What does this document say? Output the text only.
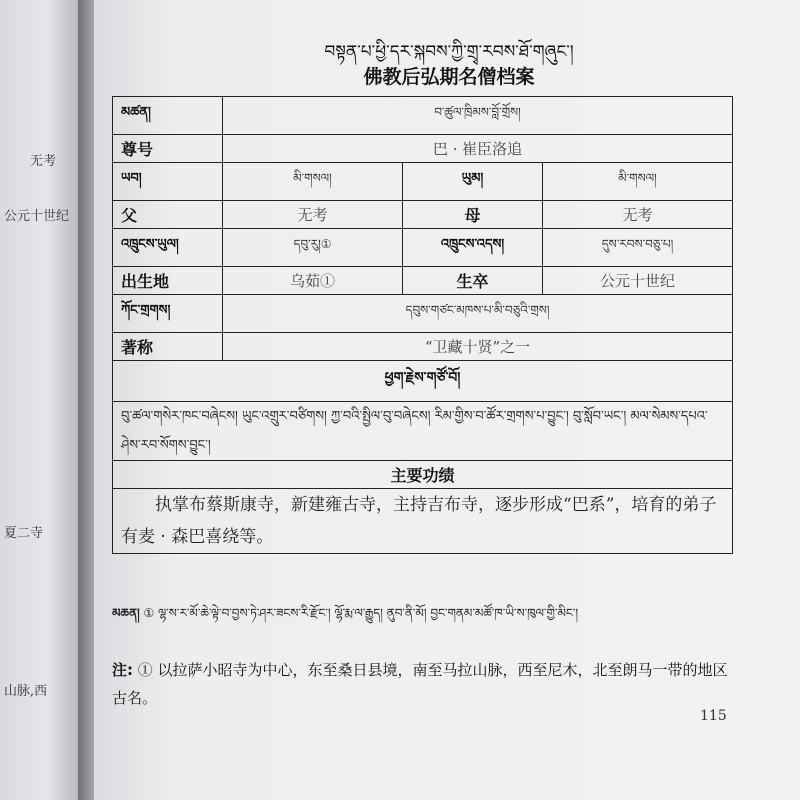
无考
公元十世纪
夏二寺
山脉,西
བསྟན་པ་ཕྱི་དར་སྐབས་ཀྱི་གྲྭ་རབས་ཐོ་གཞུང་།
佛教后弘期名僧档案
མཚན།	བ་ཚུལ་ཁྲིམས་བློ་གྲོས།		
尊号	巴 · 崔臣洛追		
ཡབ།	མི་གསལ།	ཡུམ།	མི་གསལ།
父	无考	母	无考
འཁྲུངས་ཡུལ།	དབུ་རུ།①	འཁྲུངས་འདས།	དུས་རབས་བཅུ་པ།
出生地	乌茹①	生卒	公元十世纪
ཀོང་གྲགས།	དབུས་གཙང་མཁས་པ་མི་བཅུའི་གྲས།		
著称	“卫藏十贤”之一		
ཕྱག་རྗེས་གཙོ་བོ།			
བུ་ཚལ་གསེར་ཁང་བཞེངས། ཡུང་འགྲུར་བཙིགས། ཀྱ་བའི་སྤྱིལ་བུ་བཞེངས། རིམ་གྱིས་བ་ཚོར་གྲགས་པ་བྱུང་། བུ་སློབ་ཡང་། མལ་སེམས་དཔའ་ཤེས་རབ་སོགས་བྱུང་།			
主要功绩			
执掌布蔡斯康寺，新建雍古寺，主持吉布寺，逐步形成“巴系”，培育的弟子有麦 · 森巴喜绕等。			
མཆན། ① ལྷ་ས་ར་མོ་ཆེ་ལྟེ་བ་བྱས་ཏེ་ཤར་ཟངས་རི་རྫོང་། ལྷོ་རྨ་ལ་རྒྱུད། ནུབ་ནི་མོ། བྱང་གནམ་མཚོ་ཁ་ཡི་ས་ཁུལ་གྱི་མིང་།
注: ① 以拉萨小昭寺为中心，东至桑日县境，南至马拉山脉，西至尼木，北至朗马一带的地区古名。
115
